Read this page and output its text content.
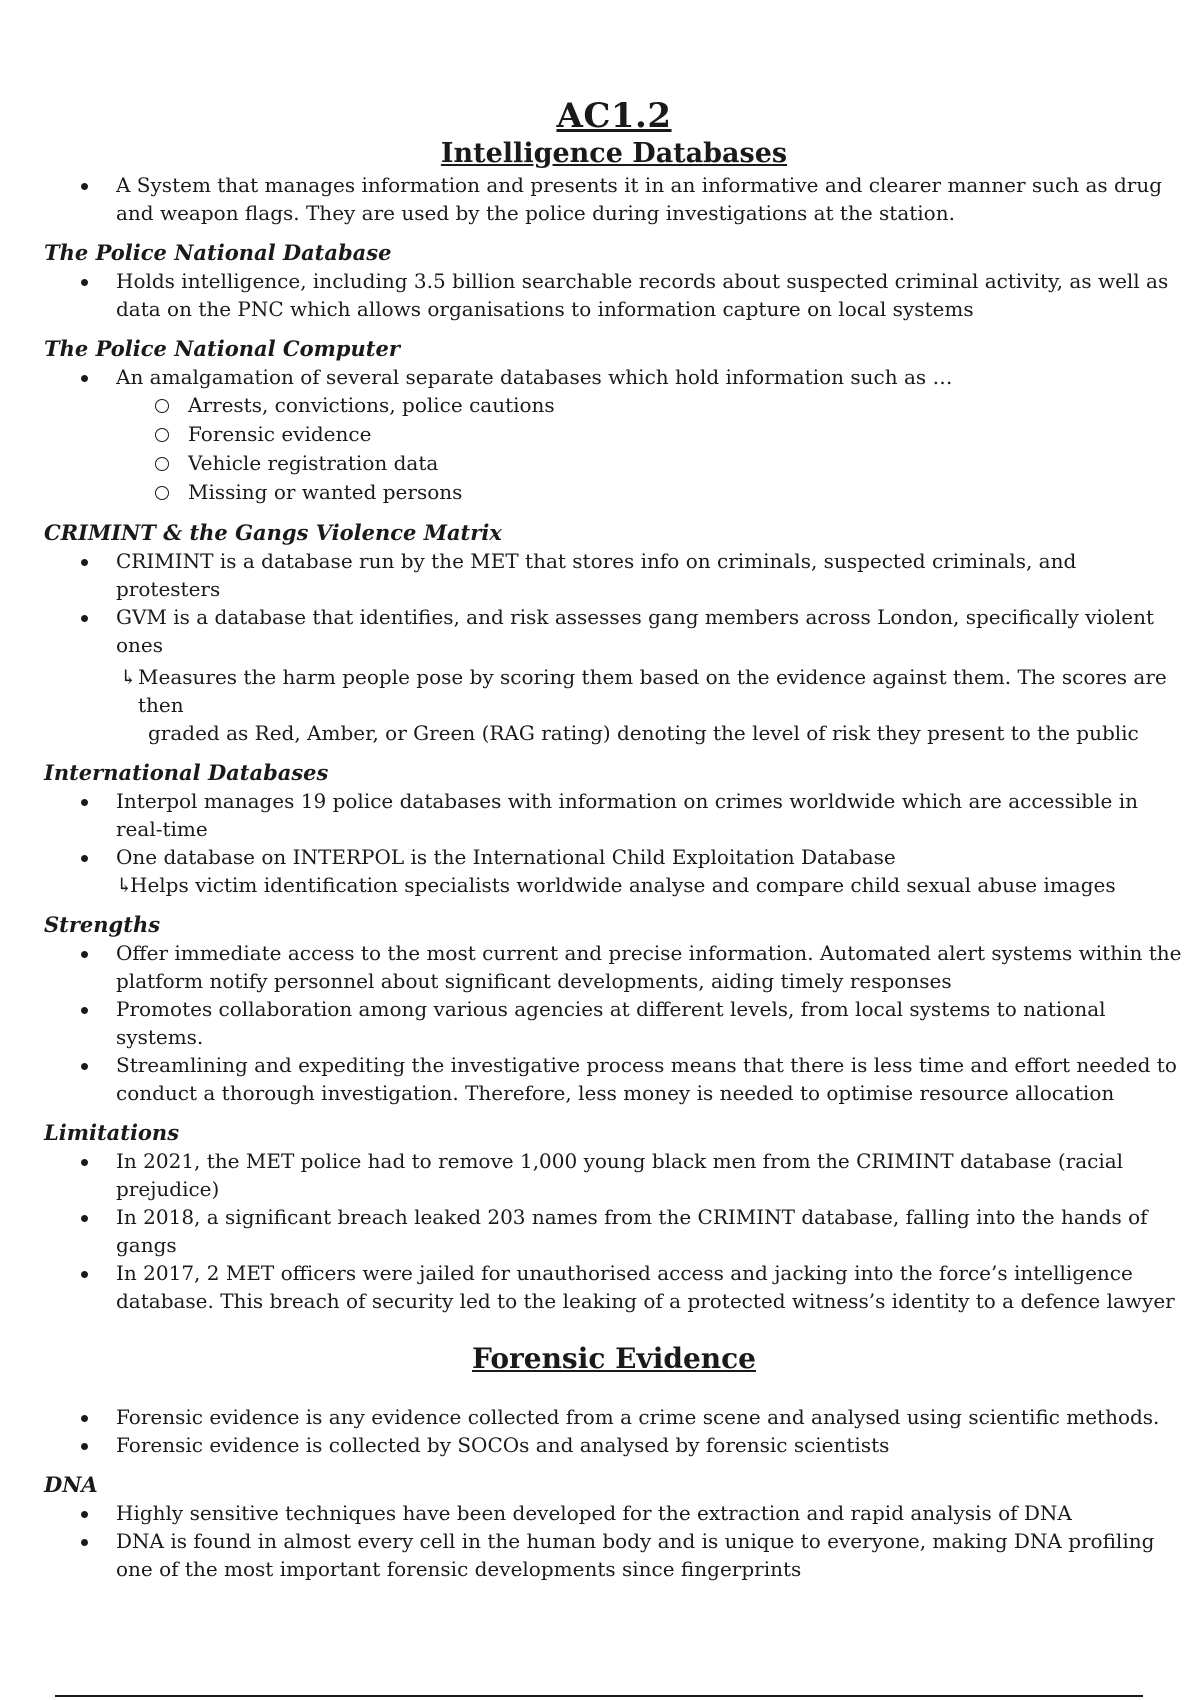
AC1.2
Intelligence Databases
A System that manages information and presents it in an informative and clearer manner such as drug and weapon flags. They are used by the police during investigations at the station.
The Police National Database
Holds intelligence, including 3.5 billion searchable records about suspected criminal activity, as well as data on the PNC which allows organisations to information capture on local systems
The Police National Computer
An amalgamation of several separate databases which hold information such as …
Arrests, convictions, police cautions
Forensic evidence
Vehicle registration data
Missing or wanted persons
CRIMINT & the Gangs Violence Matrix
CRIMINT is a database run by the MET that stores info on criminals, suspected criminals, and protesters
GVM is a database that identifies, and risk assesses gang members across London, specifically violent ones
↳ Measures the harm people pose by scoring them based on the evidence against them. The scores are then
graded as Red, Amber, or Green (RAG rating) denoting the level of risk they present to the public
International Databases
Interpol manages 19 police databases with information on crimes worldwide which are accessible in real-time
One database on INTERPOL is the International Child Exploitation Database
↳
Helps victim identification specialists worldwide analyse and compare child sexual abuse images
Strengths
Offer immediate access to the most current and precise information. Automated alert systems within the platform notify personnel about significant developments, aiding timely responses
Promotes collaboration among various agencies at different levels, from local systems to national systems.
Streamlining and expediting the investigative process means that there is less time and effort needed to conduct a thorough investigation. Therefore, less money is needed to optimise resource allocation
Limitations
In 2021, the MET police had to remove 1,000 young black men from the CRIMINT database (racial prejudice)
In 2018, a significant breach leaked 203 names from the CRIMINT database, falling into the hands of gangs
In 2017, 2 MET officers were jailed for unauthorised access and jacking into the force’s intelligence database. This breach of security led to the leaking of a protected witness’s identity to a defence lawyer
Forensic Evidence
Forensic evidence is any evidence collected from a crime scene and analysed using scientific methods.
Forensic evidence is collected by SOCOs and analysed by forensic scientists
DNA
Highly sensitive techniques have been developed for the extraction and rapid analysis of DNA
DNA is found in almost every cell in the human body and is unique to everyone, making DNA profiling one of the most important forensic developments since fingerprints
